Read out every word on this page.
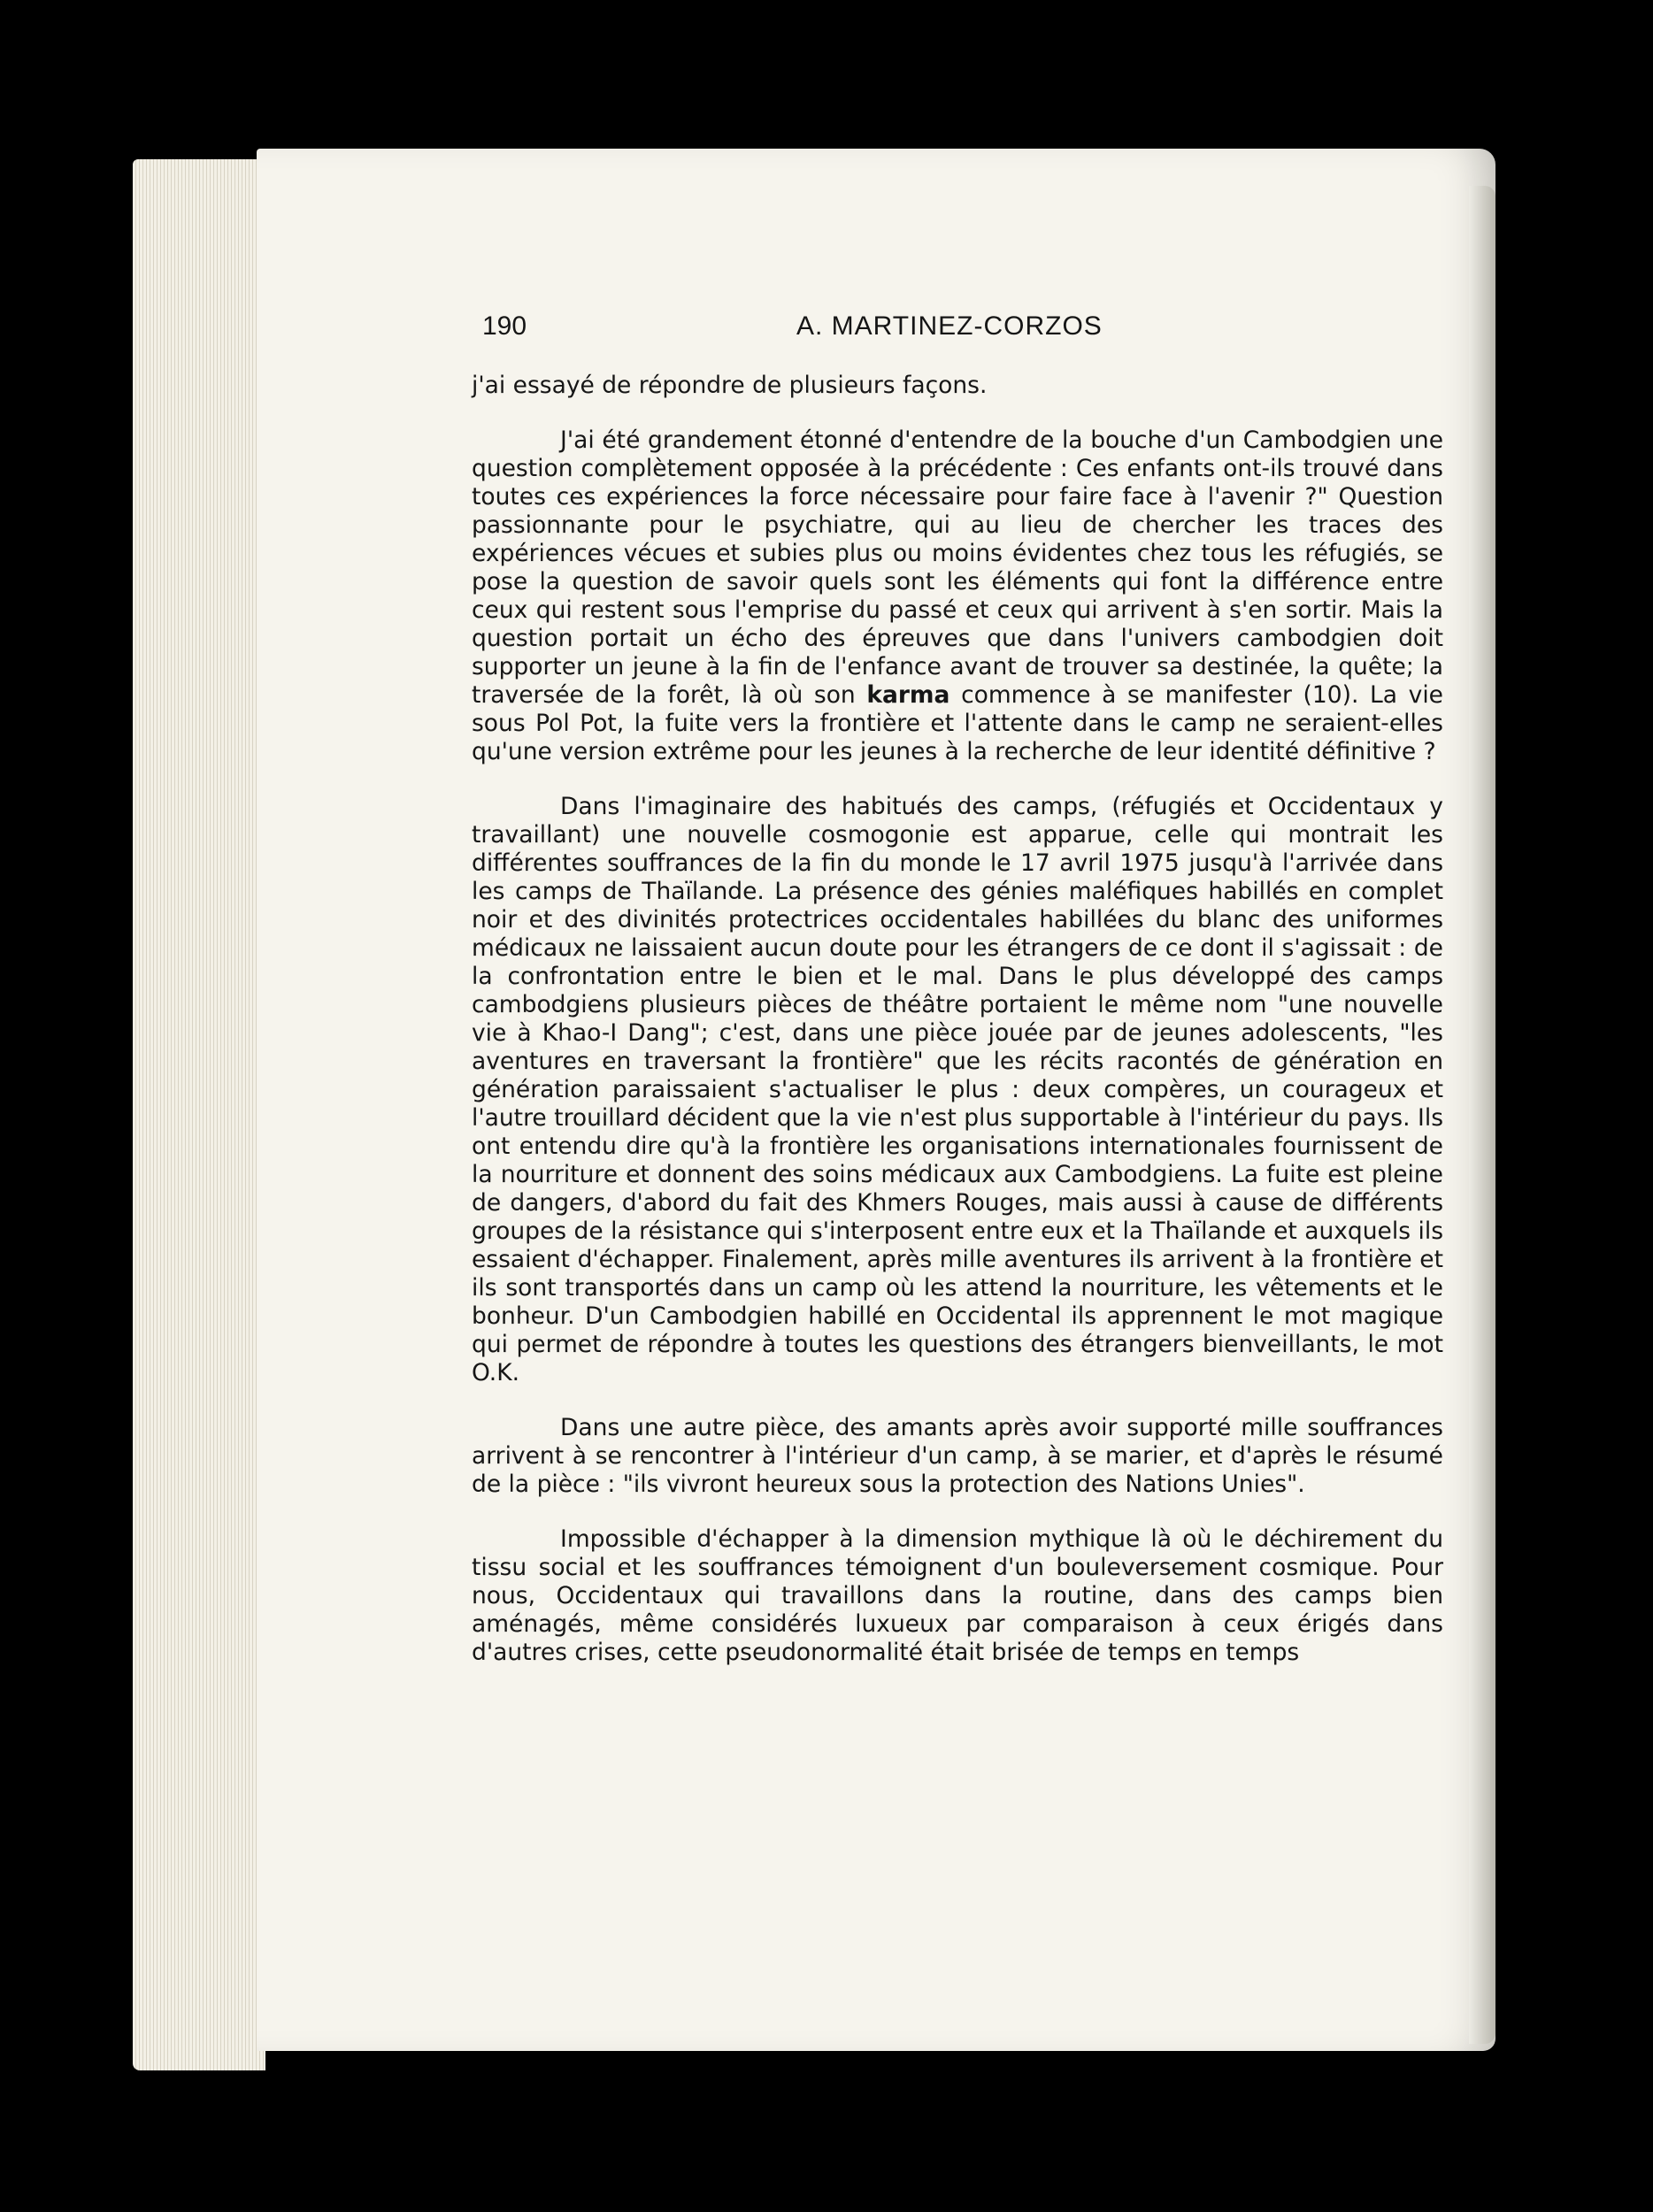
190	A. MARTINEZ-CORZOS

j'ai essayé de répondre de plusieurs façons.

J'ai été grandement étonné d'entendre de la bouche d'un Cambodgien une question complètement opposée à la précédente : Ces enfants ont-ils trouvé dans toutes ces expériences la force nécessaire pour faire face à l'avenir ?" Question passionnante pour le psychiatre, qui au lieu de chercher les traces des expériences vécues et subies plus ou moins évidentes chez tous les réfugiés, se pose la question de savoir quels sont les éléments qui font la différence entre ceux qui restent sous l'emprise du passé et ceux qui arrivent à s'en sortir. Mais la question portait un écho des épreuves que dans l'univers cambodgien doit supporter un jeune à la fin de l'enfance avant de trouver sa destinée, la quête; la traversée de la forêt, là où son karma commence à se manifester (10). La vie sous Pol Pot, la fuite vers la frontière et l'attente dans le camp ne seraient-elles qu'une version extrême pour les jeunes à la recherche de leur identité définitive ?

Dans l'imaginaire des habitués des camps, (réfugiés et Occidentaux y travaillant) une nouvelle cosmogonie est apparue, celle qui montrait les différentes souffrances de la fin du monde le 17 avril 1975 jusqu'à l'arrivée dans les camps de Thaïlande. La présence des génies maléfiques habillés en complet noir et des divinités protectrices occidentales habillées du blanc des uniformes médicaux ne laissaient aucun doute pour les étrangers de ce dont il s'agissait : de la confrontation entre le bien et le mal. Dans le plus développé des camps cambodgiens plusieurs pièces de théâtre portaient le même nom "une nouvelle vie à Khao-I Dang"; c'est, dans une pièce jouée par de jeunes adolescents, "les aventures en traversant la frontière" que les récits racontés de génération en génération paraissaient s'actualiser le plus : deux compères, un courageux et l'autre trouillard décident que la vie n'est plus supportable à l'intérieur du pays. Ils ont entendu dire qu'à la frontière les organisations internationales fournissent de la nourriture et donnent des soins médicaux aux Cambodgiens. La fuite est pleine de dangers, d'abord du fait des Khmers Rouges, mais aussi à cause de différents groupes de la résistance qui s'interposent entre eux et la Thaïlande et auxquels ils essaient d'échapper. Finalement, après mille aventures ils arrivent à la frontière et ils sont transportés dans un camp où les attend la nourriture, les vêtements et le bonheur. D'un Cambodgien habillé en Occidental ils apprennent le mot magique qui permet de répondre à toutes les questions des étrangers bienveillants, le mot O.K.

Dans une autre pièce, des amants après avoir supporté mille souffrances arrivent à se rencontrer à l'intérieur d'un camp, à se marier, et d'après le résumé de la pièce : "ils vivront heureux sous la protection des Nations Unies".

Impossible d'échapper à la dimension mythique là où le déchirement du tissu social et les souffrances témoignent d'un bouleversement cosmique. Pour nous, Occidentaux qui travaillons dans la routine, dans des camps bien aménagés, même considérés luxueux par comparaison à ceux érigés dans d'autres crises, cette pseudonormalité était brisée de temps en temps
